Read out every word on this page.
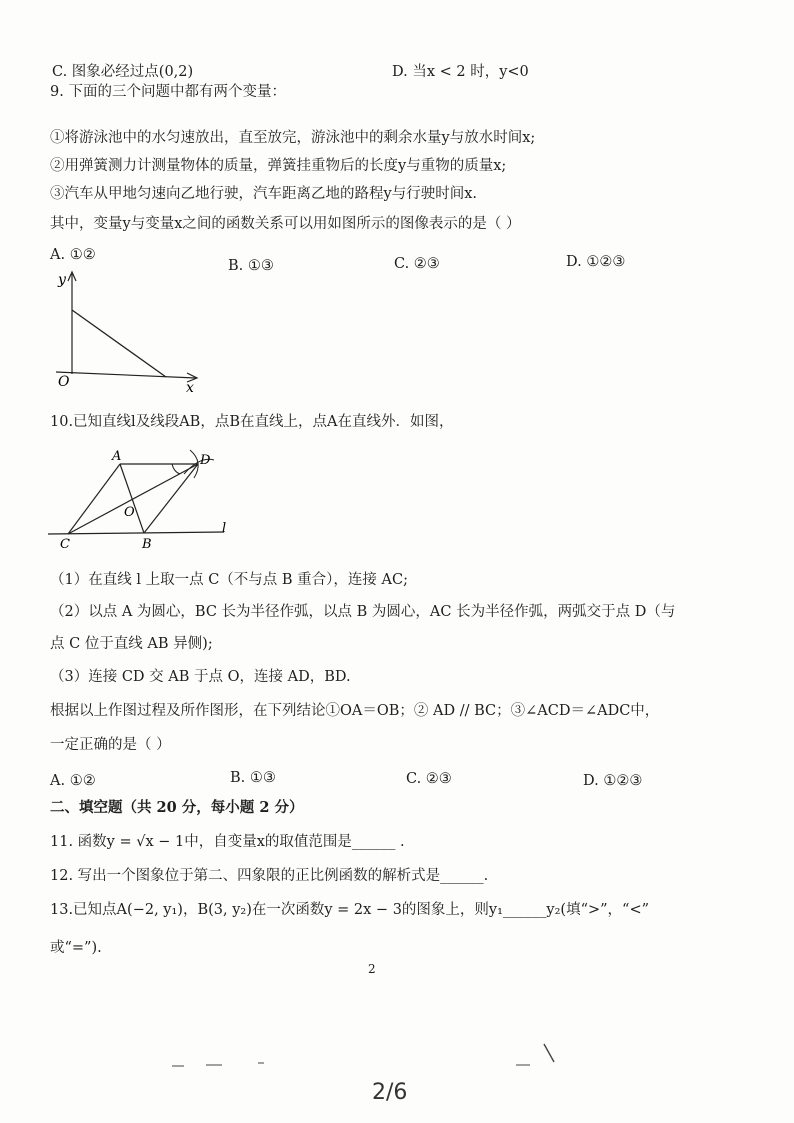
C. 图象必经过点(0,2)	D. 当x < 2 时，y<0
9. 下面的三个问题中都有两个变量：
①将游泳池中的水匀速放出，直至放完，游泳池中的剩余水量y与放水时间x;
②用弹簧测力计测量物体的质量，弹簧挂重物后的长度y与重物的质量x;
③汽车从甲地匀速向乙地行驶，汽车距离乙地的路程y与行驶时间x.
其中，变量y与变量x之间的函数关系可以用如图所示的图像表示的是（ ）
A. ①②
B. ①③	C. ②③	D. ①②③
y
O	x
10.已知直线l及线段AB，点B在直线上，点A在直线外．如图，
A
B
C
D
O
l
（1）在直线 l 上取一点 C（不与点 B 重合），连接 AC;
（2）以点 A 为圆心，BC 长为半径作弧，以点 B 为圆心，AC 长为半径作弧，两弧交于点 D（与
点 C 位于直线 AB 异侧);
（3）连接 CD 交 AB 于点 O，连接 AD，BD.
根据以上作图过程及所作图形，在下列结论①OA＝OB；② AD // BC；③∠ACD＝∠ADC中，
一定正确的是（ ）
A. ①②	B. ①③	C. ②③	D. ①②③
二、填空题（共 20 分，每小题 2 分）
11. 函数y = √x − 1中，自变量x的取值范围是______ .
12. 写出一个图象位于第二、四象限的正比例函数的解析式是______.
13.已知点A(−2, y₁)，B(3, y₂)在一次函数y = 2x − 3的图象上，则y₁______y₂(填“>”，“<”
或“=”).
2
2/6
